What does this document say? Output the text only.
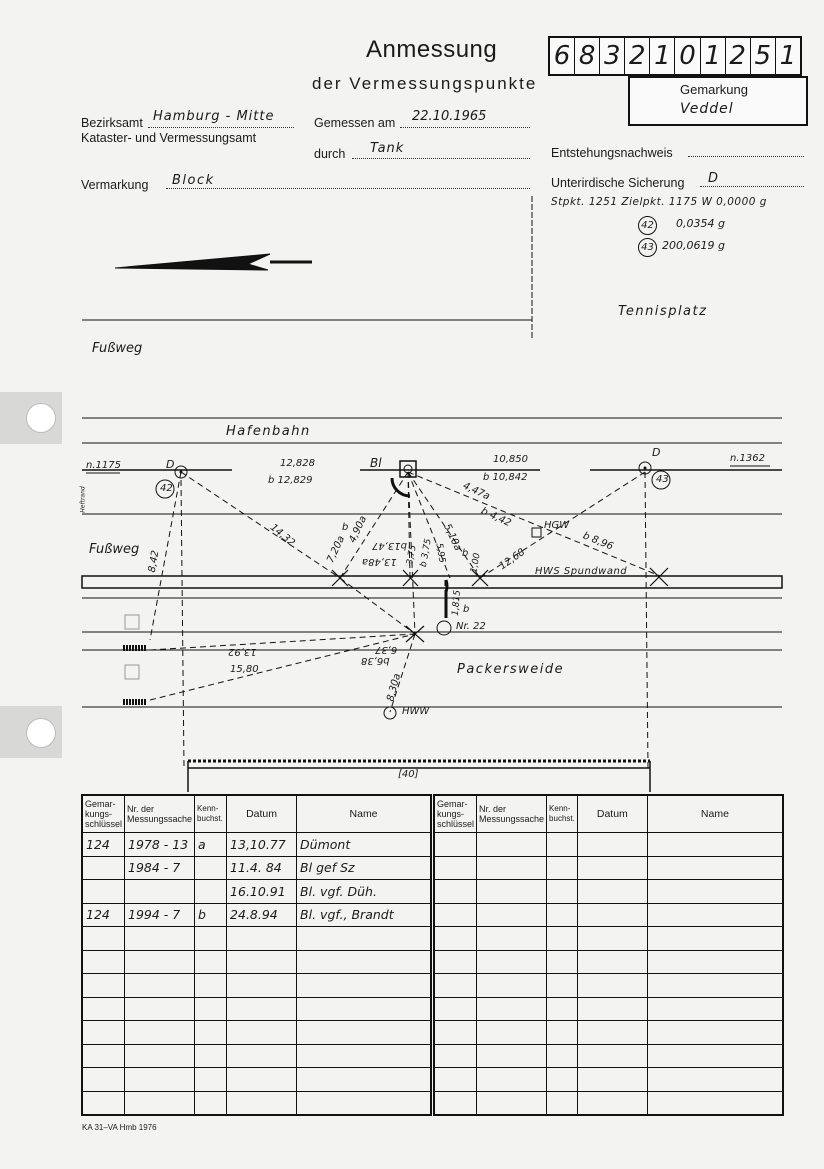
Anmessung
der Vermessungspunkte
6 8 3 2 1 0 1 2 5 1
Gemarkung
Veddel
Bezirksamt Hamburg - Mitte
Kataster- und Vermessungsamt
Gemessen am 22.10.1965
durch Tank	Entstehungsnachweis
Vermarkung Block	Unterirdische Sicherung D
Stpkt. 1251 Zielpkt. 1175 W 0,0000 g
42 0,0354 g
43 200,0619 g
Tennisplatz
Fußweg
Hafenbahn
Fußweg
Packersweide
n.1175
n.1362
D
D
Bl
42
43
12,828
b 12,829
10,850
b 10,842
4,47a
b 4,42	HGW
b 8,96
14,32	7,20a
b
4,90a
13,48a
b13,47
3,75 b 3,75 5,95
5,10a
b 1,00 12,68 HWS Spundwand
8,42
1,815 b
Nr. 22
13,92
15,80
6,37
b6,38
8,30a
HWW
[40]
Heftrand
Gemar-kungs-schlüssel	Nr. der Messungssache	Kenn-buchst.	Datum	Name
124	1978 - 13	a	13,10.77	Dümont
	1984 - 7		11.4. 84	Bl gef Sz
			16.10.91	Bl. vgf. Düh.
124	1994 - 7	b	24.8.94	Bl. vgf., Brandt

Gemar-kungs-schlüssel	Nr. der Messungssache	Kenn-buchst.	Datum	Name

KA 31–VA Hmb 1976
